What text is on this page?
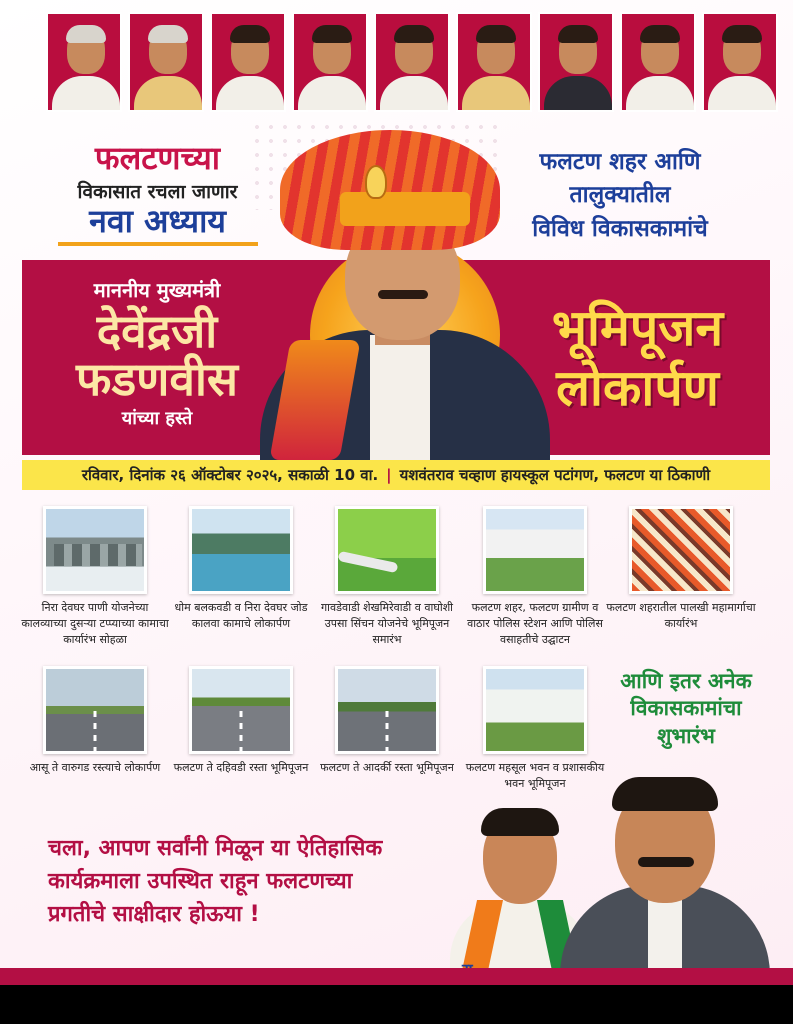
फलटणच्या
विकासात रचला जाणार
नवा अध्याय
फलटण शहर आणि
तालुक्यातील
विविध विकासकामांचे
माननीय मुख्यमंत्री
देवेंद्रजी
फडणवीस
यांच्या हस्ते
भूमिपूजन
लोकार्पण
रविवार, दिनांक २६ ऑक्टोबर २०२५, सकाळी 10 वा. | यशवंतराव चव्हाण हायस्कूल पटांगण, फलटण या ठिकाणी
निरा देवघर पाणी योजनेच्या कालव्याच्या दुसऱ्या टप्प्याच्या कामाचा कार्यारंभ सोहळा
धोम बलकवडी व निरा देवघर जोड कालवा कामाचे लोकार्पण
गावडेवाडी शेखमिरेवाडी व वाघोशी उपसा सिंचन योजनेचे भूमिपूजन समारंभ
फलटण शहर, फलटण ग्रामीण व वाठार पोलिस स्टेशन आणि पोलिस वसाहतीचे उद्घाटन
फलटण शहरातील पालखी महामार्गाचा कार्यारंभ
आसू ते वारुगड रस्त्याचे लोकार्पण	फलटण ते दहिवडी रस्ता भूमिपूजन	फलटण ते आदर्की रस्ता भूमिपूजन	फलटण महसूल भवन व प्रशासकीय भवन भूमिपूजन
आणि इतर अनेक
विकासकामांचा
शुभारंभ
चला, आपण सर्वांनी मिळून या ऐतिहासिक
कार्यक्रमाला उपस्थित राहून फलटणच्या
प्रगतीचे साक्षीदार होऊया !
